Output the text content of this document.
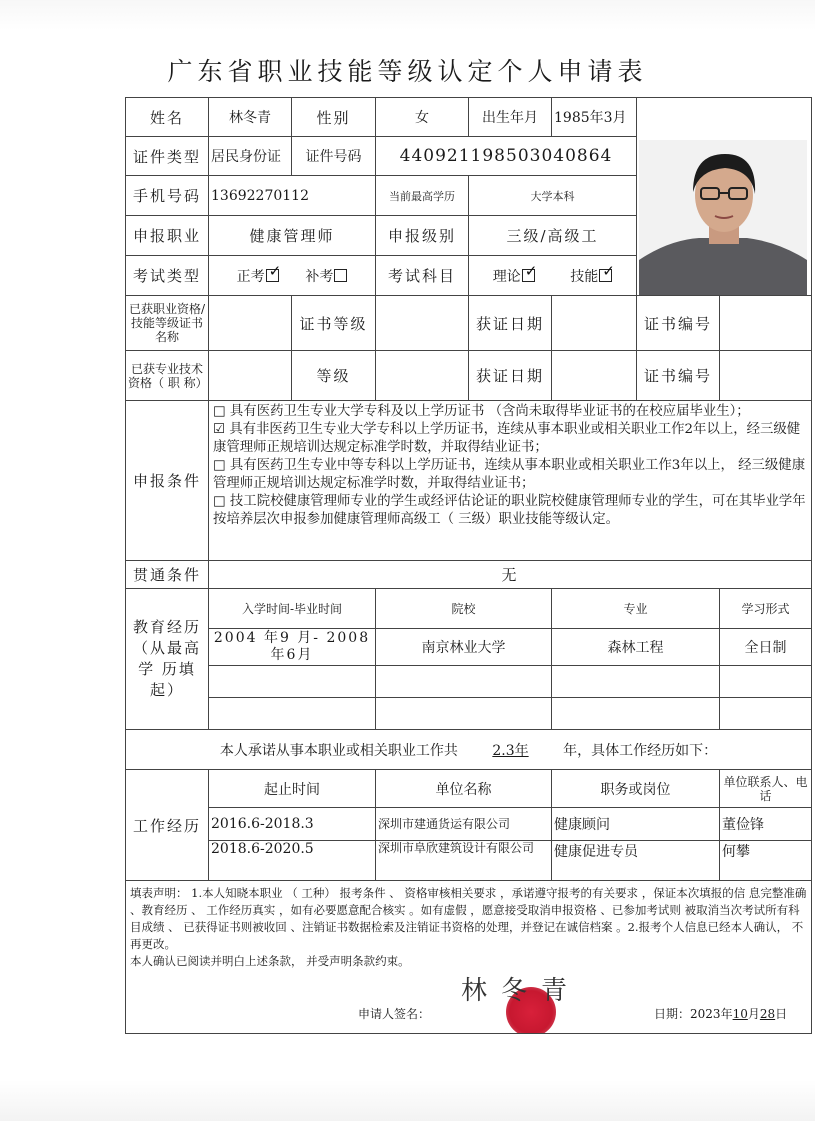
广东省职业技能等级认定个人申请表
姓名	林冬青	性别	女	出生年月	1985年3月	

证件类型	居民身份证	证件号码	440921198503040864				
手机号码	13692270112		当前最高学历	大学本科			
申报职业	健康管理师		申报级别	三级/高级工			
考试类型	正考 ✓ 补考		考试科目	理论 ✓ 技能 ✓			

已获职业资格/技能等级证书名称		证书等级		获证日期		证书编号	
已获专业技术资格（ 职 称）		等级		获证日期		证书编号	
申报条件	□ 具有医药卫生专业大学专科及以上学历证书 （含尚未取得毕业证书的在校应届毕业生）；

☑ 具有非医药卫生专业大学专科以上学历证书，连续从事本职业或相关职业工作2年以上，经三级健康管理师正规培训达规定标准学时数，并取得结业证书；

□ 具有医药卫生专业中等专科以上学历证书，连续从事本职业或相关职业工作3年以上， 经三级健康管理师正规培训达规定标准学时数，并取得结业证书；

□ 技工院校健康管理师专业的学生或经评估论证的职业院校健康管理师专业的学生，可在其毕业学年按培养层次申报参加健康管理师高级工（ 三级）职业技能等级认定。						

贯通条件	无						
教育经历（从最高学 历填起）	入学时间-毕业时间		院校		专业		学习形式
	2004 年9 月- 2008年6月		南京林业大学		森林工程		全日制

本人承诺从事本职业或相关职业工作共 2.3年 年，具体工作经历如下：							
工作经历	起止时间		单位名称		职务或岗位		单位联系人、电话
	2016.6-2018.3		深圳市建通货运有限公司		健康顾问		董俭锋
	2018.6-2020.5		深圳市阜欣建筑设计有限公司		健康促进专员		何攀

填表声明： 1.本人知晓本职业 （ 工种） 报考条件 、 资格审核相关要求 ，承诺遵守报考的有关要求 ，保证本次填报的信 息完整准确 、教育经历 、 工作经历真实 ，如有必要愿意配合核实 。如有虚假 ，愿意接受取消申报资格 、已参加考试则 被取消当次考试所有科目成绩 、 已获得证书则被收回 、注销证书数据检索及注销证书资格的处理，并登记在诚信档案 。2.报考个人信息已经本人确认， 不再更改。

本人确认已阅读并明白上述条款， 并受声明条款约束。

申请人签名：
林冬青
日期：2023年10月28日							
